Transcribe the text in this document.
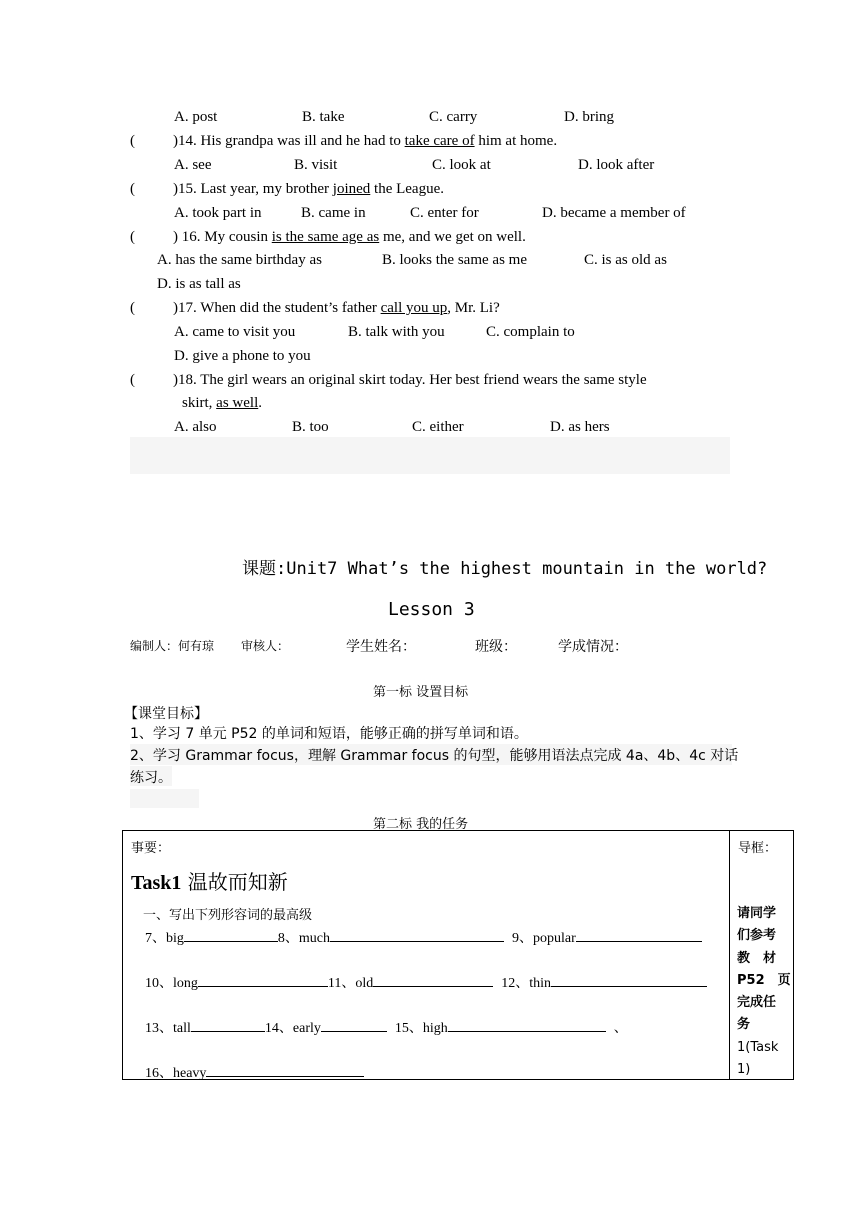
A. post	B. take	C. carry	D. bring
(	)14. His grandpa was ill and he had to take care of him at home.
A. see	B. visit	C. look at	D. look after
(	)15. Last year, my brother joined the League.
A. took part in	B. came in	C. enter for	D. became a member of
(	) 16. My cousin is the same age as me, and we get on well.
A. has the same birthday as	B. looks the same as me	C. is as old as
D. is as tall as
(	)17. When did the student’s father call you up, Mr. Li?
A. came to visit you	B. talk with you	C. complain to
D. give a phone to you
(	)18. The girl wears an original skirt today. Her best friend wears the same style
skirt, as well.
A. also	B. too	C. either	D. as hers
课题:Unit7 What’s the highest mountain in the world?
Lesson 3
编制人：何有琼 审核人：	学生姓名：	班级：	学成情况：
第一标 设置目标
【课堂目标】
1、学习 7 单元 P52 的单词和短语，能够正确的拼写单词和语。
2、学习 Grammar focus，理解 Grammar focus 的句型，能够用语法点完成 4a、4b、4c 对话
练习。
第二标 我的任务
事要：
Task1 温故而知新
一、写出下列形容词的最高级
7、big	8、much	9、popular
10、long	11、old	12、thin
13、tall	14、early	15、high	、
16、heavy

导框：
请同学
们参考
教　材
P52　页
完成任
务
1(Task
1)
